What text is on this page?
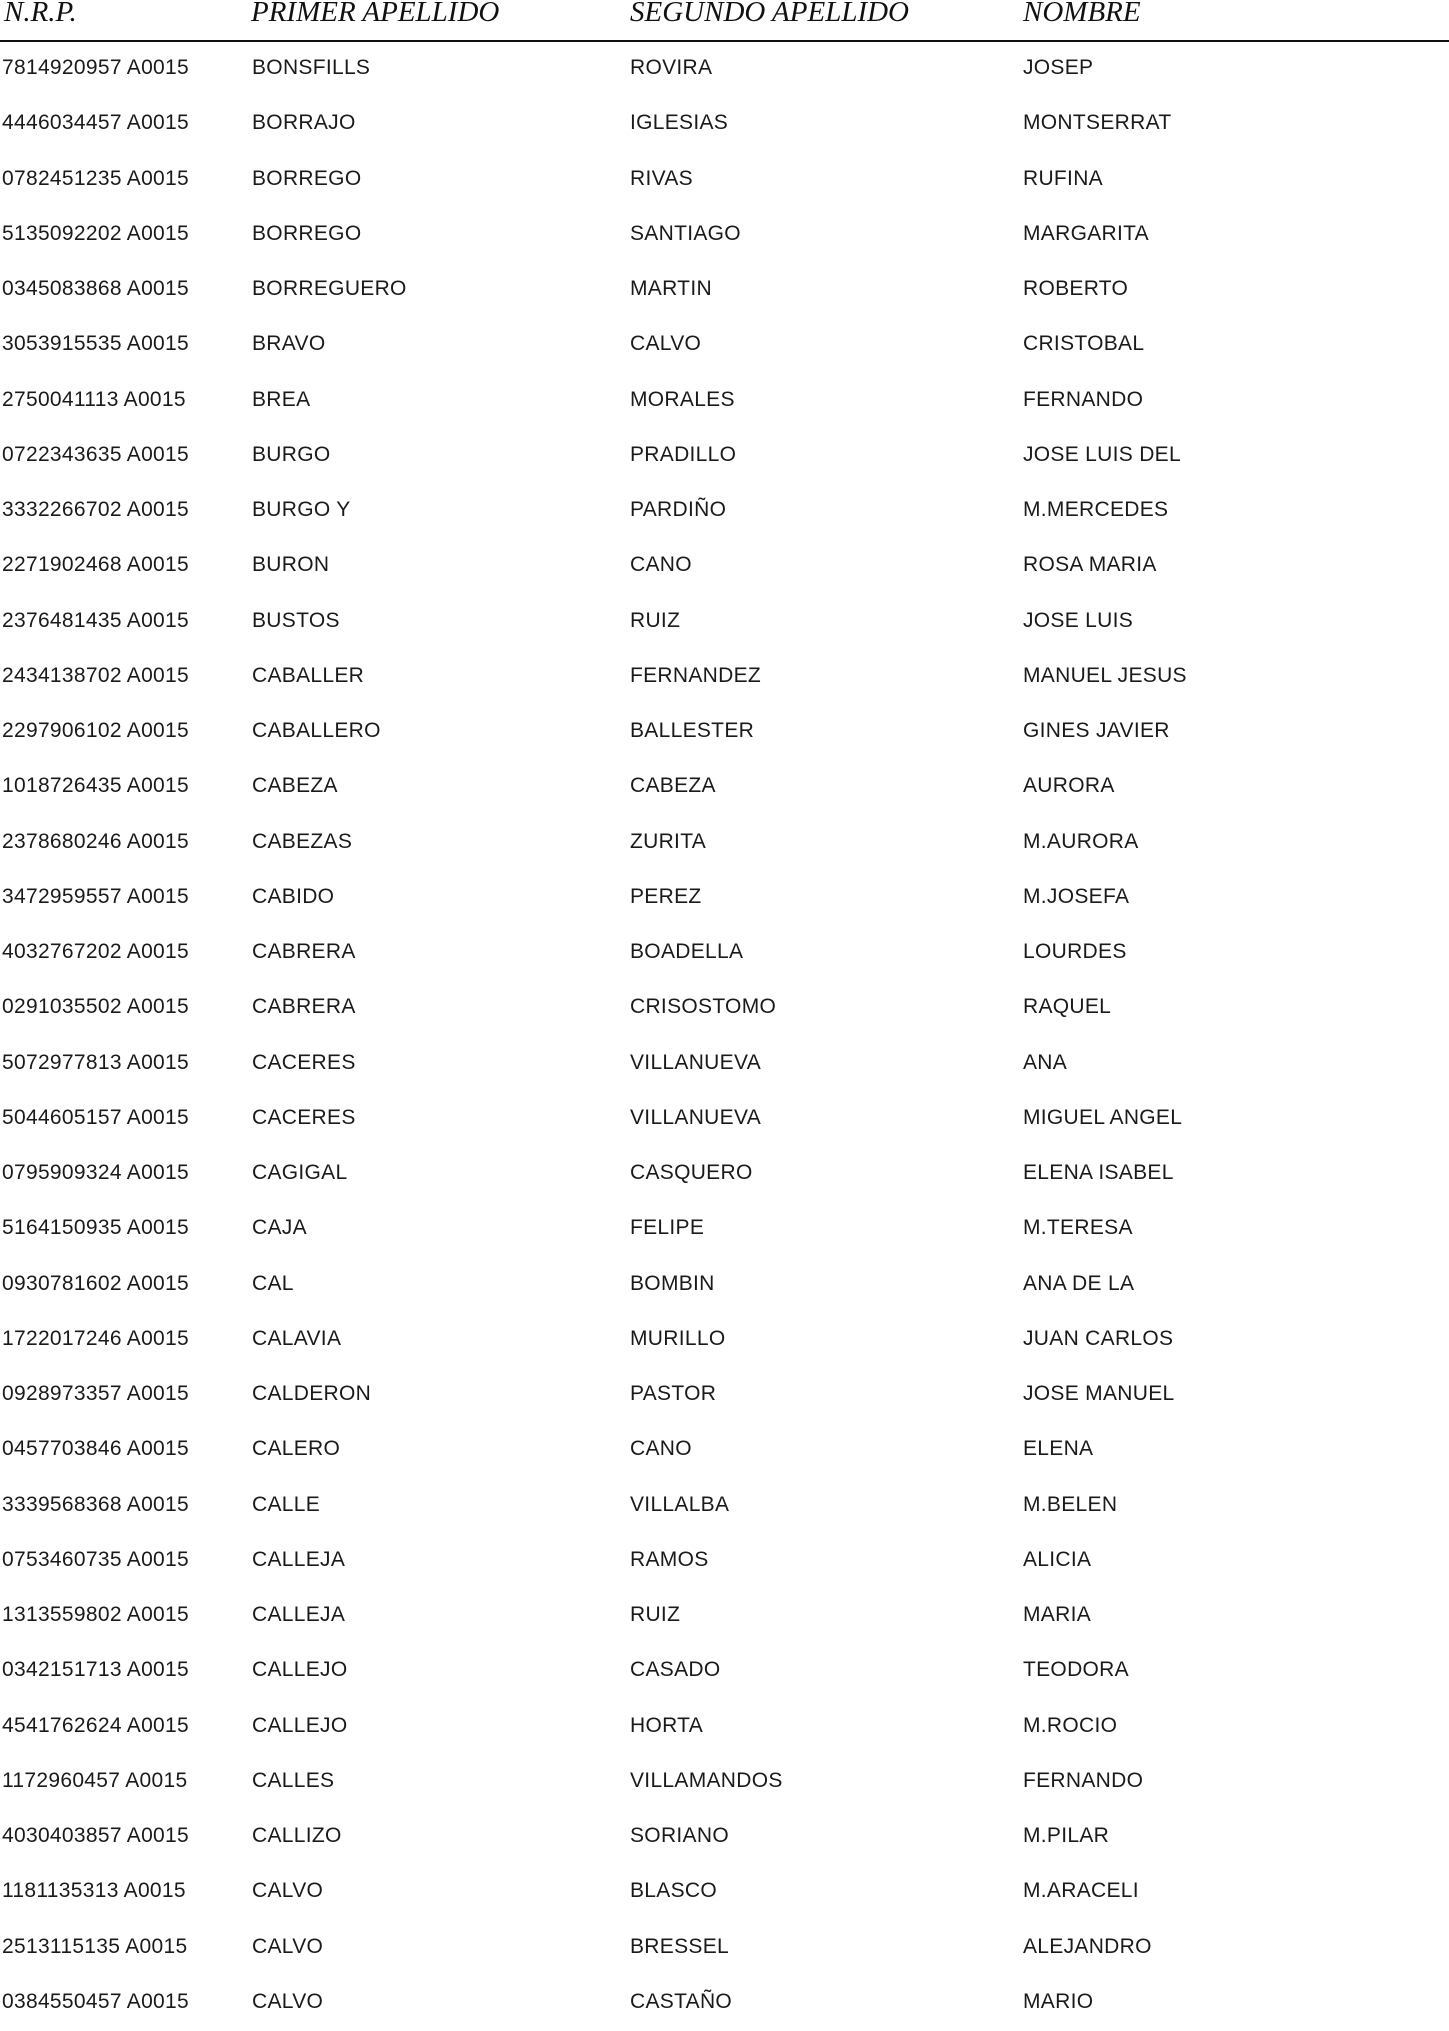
N.R.P.	PRIMER APELLIDO	SEGUNDO APELLIDO	NOMBRE
7814920957 A0015	BONSFILLS	ROVIRA	JOSEP
4446034457 A0015	BORRAJO	IGLESIAS	MONTSERRAT
0782451235 A0015	BORREGO	RIVAS	RUFINA
5135092202 A0015	BORREGO	SANTIAGO	MARGARITA
0345083868 A0015	BORREGUERO	MARTIN	ROBERTO
3053915535 A0015	BRAVO	CALVO	CRISTOBAL
2750041113 A0015	BREA	MORALES	FERNANDO
0722343635 A0015	BURGO	PRADILLO	JOSE LUIS DEL
3332266702 A0015	BURGO Y	PARDIÑO	M.MERCEDES
2271902468 A0015	BURON	CANO	ROSA MARIA
2376481435 A0015	BUSTOS	RUIZ	JOSE LUIS
2434138702 A0015	CABALLER	FERNANDEZ	MANUEL JESUS
2297906102 A0015	CABALLERO	BALLESTER	GINES JAVIER
1018726435 A0015	CABEZA	CABEZA	AURORA
2378680246 A0015	CABEZAS	ZURITA	M.AURORA
3472959557 A0015	CABIDO	PEREZ	M.JOSEFA
4032767202 A0015	CABRERA	BOADELLA	LOURDES
0291035502 A0015	CABRERA	CRISOSTOMO	RAQUEL
5072977813 A0015	CACERES	VILLANUEVA	ANA
5044605157 A0015	CACERES	VILLANUEVA	MIGUEL ANGEL
0795909324 A0015	CAGIGAL	CASQUERO	ELENA ISABEL
5164150935 A0015	CAJA	FELIPE	M.TERESA
0930781602 A0015	CAL	BOMBIN	ANA DE LA
1722017246 A0015	CALAVIA	MURILLO	JUAN CARLOS
0928973357 A0015	CALDERON	PASTOR	JOSE MANUEL
0457703846 A0015	CALERO	CANO	ELENA
3339568368 A0015	CALLE	VILLALBA	M.BELEN
0753460735 A0015	CALLEJA	RAMOS	ALICIA
1313559802 A0015	CALLEJA	RUIZ	MARIA
0342151713 A0015	CALLEJO	CASADO	TEODORA
4541762624 A0015	CALLEJO	HORTA	M.ROCIO
1172960457 A0015	CALLES	VILLAMANDOS	FERNANDO
4030403857 A0015	CALLIZO	SORIANO	M.PILAR
1181135313 A0015	CALVO	BLASCO	M.ARACELI
2513115135 A0015	CALVO	BRESSEL	ALEJANDRO
0384550457 A0015	CALVO	CASTAÑO	MARIO
